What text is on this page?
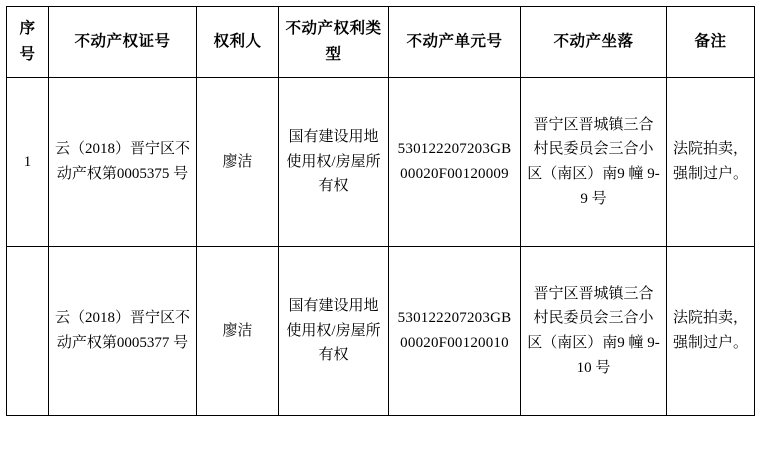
序号	不动产权证号	权利人	不动产权利类型	不动产单元号	不动产坐落	备注
1	云（2018）晋宁区不动产权第0005375 号	廖洁	国有建设用地使用权/房屋所有权	530122207203GB00020F00120009	晋宁区晋城镇三合村民委员会三合小区（南区）南9 幢 9-9 号	法院拍卖，强制过户。
	云（2018）晋宁区不动产权第0005377 号	廖洁	国有建设用地使用权/房屋所有权	530122207203GB00020F00120010	晋宁区晋城镇三合村民委员会三合小区（南区）南9 幢 9-10 号	法院拍卖，强制过户。
